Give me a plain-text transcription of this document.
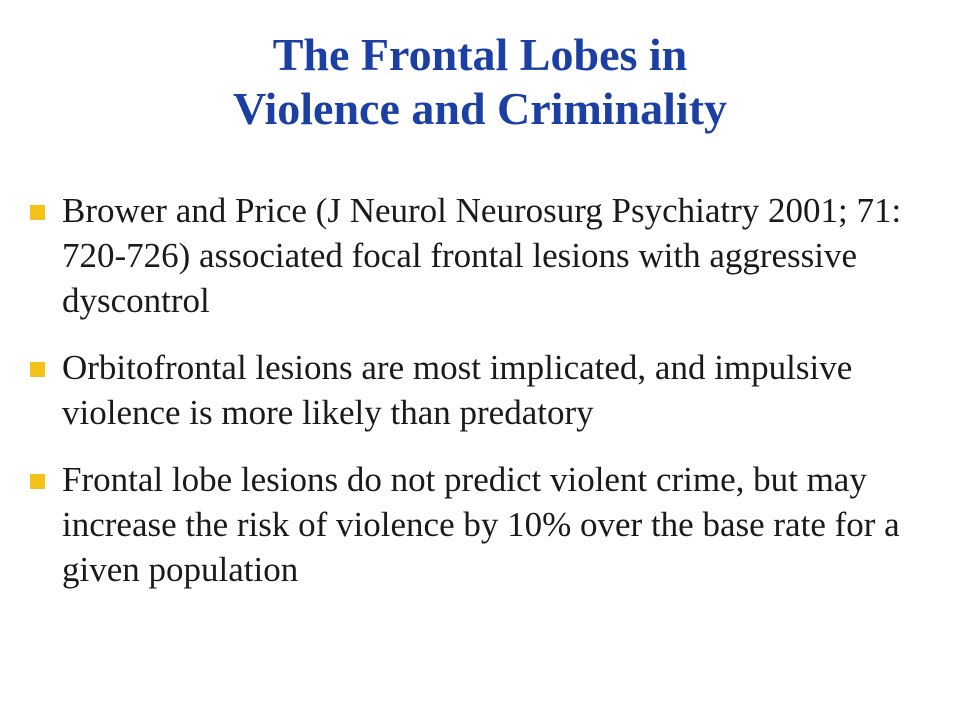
The Frontal Lobes in
Violence and Criminality
Brower and Price (J Neurol Neurosurg Psychiatry 2001; 71: 720-726) associated focal frontal lesions with aggressive dyscontrol
Orbitofrontal lesions are most implicated, and impulsive violence is more likely than predatory
Frontal lobe lesions do not predict violent crime, but may increase the risk of violence by 10% over the base rate for a given population
